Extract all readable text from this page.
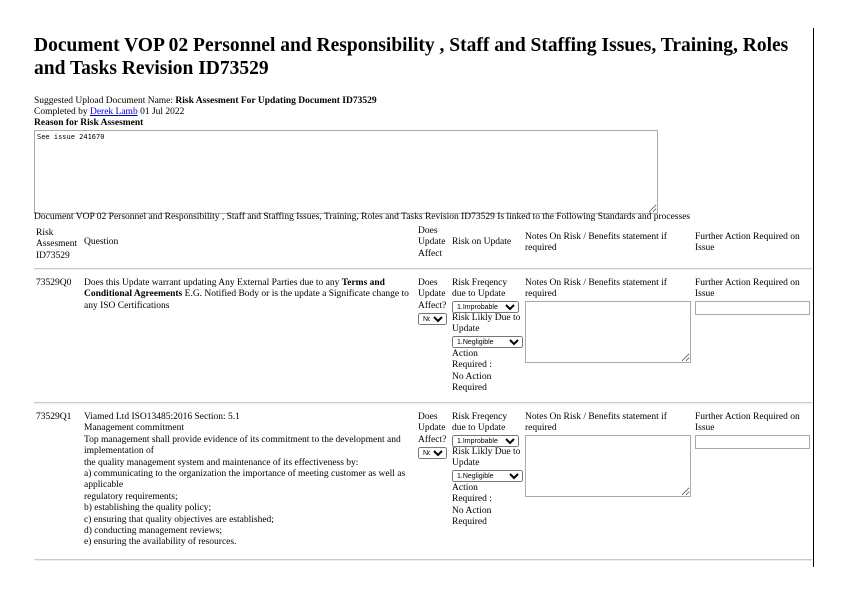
Document VOP 02 Personnel and Responsibility , Staff and Staffing Issues, Training, Roles and Tasks Revision ID73529
Suggested Upload Document Name: Risk Assesment For Updating Document ID73529
Completed by Derek Lamb 01 Jul 2022
Reason for Risk Assesment
See issue 241670
Document VOP 02 Personnel and Responsibility , Staff and Staffing Issues, Training, Roles and Tasks Revision ID73529 Is linked to the Following Standards and processes
Risk Assesment ID73529
Question
Does Update Affect
Risk on Update Notes On Risk / Benefits statement if required
Further Action Required on Issue
73529Q0 Does this Update warrant updating Any External Parties due to any Terms and Conditional Agreements E.G. Notified Body or is the update a Significate change to any ISO Certifications
Does Update Affect?
No
Risk Freqency due to Update
1.Improbable
Risk Likly Due to Update
1.Negligible
Action Required :
No Action Required
Notes On Risk / Benefits statement if required
Further Action Required on Issue
73529Q1 Viamed Ltd ISO13485:2016 Section: 5.1
Management commitment
Top management shall provide evidence of its commitment to the development and implementation of
the quality management system and maintenance of its effectiveness by:
a) communicating to the organization the importance of meeting customer as well as applicable
regulatory requirements;
b) establishing the quality policy;
c) ensuring that quality objectives are established;
d) conducting management reviews;
e) ensuring the availability of resources.
Does Update Affect?
No
Risk Freqency due to Update
1.Improbable
Risk Likly Due to Update
1.Negligible
Action Required :
No Action Required
Notes On Risk / Benefits statement if required
Further Action Required on Issue
